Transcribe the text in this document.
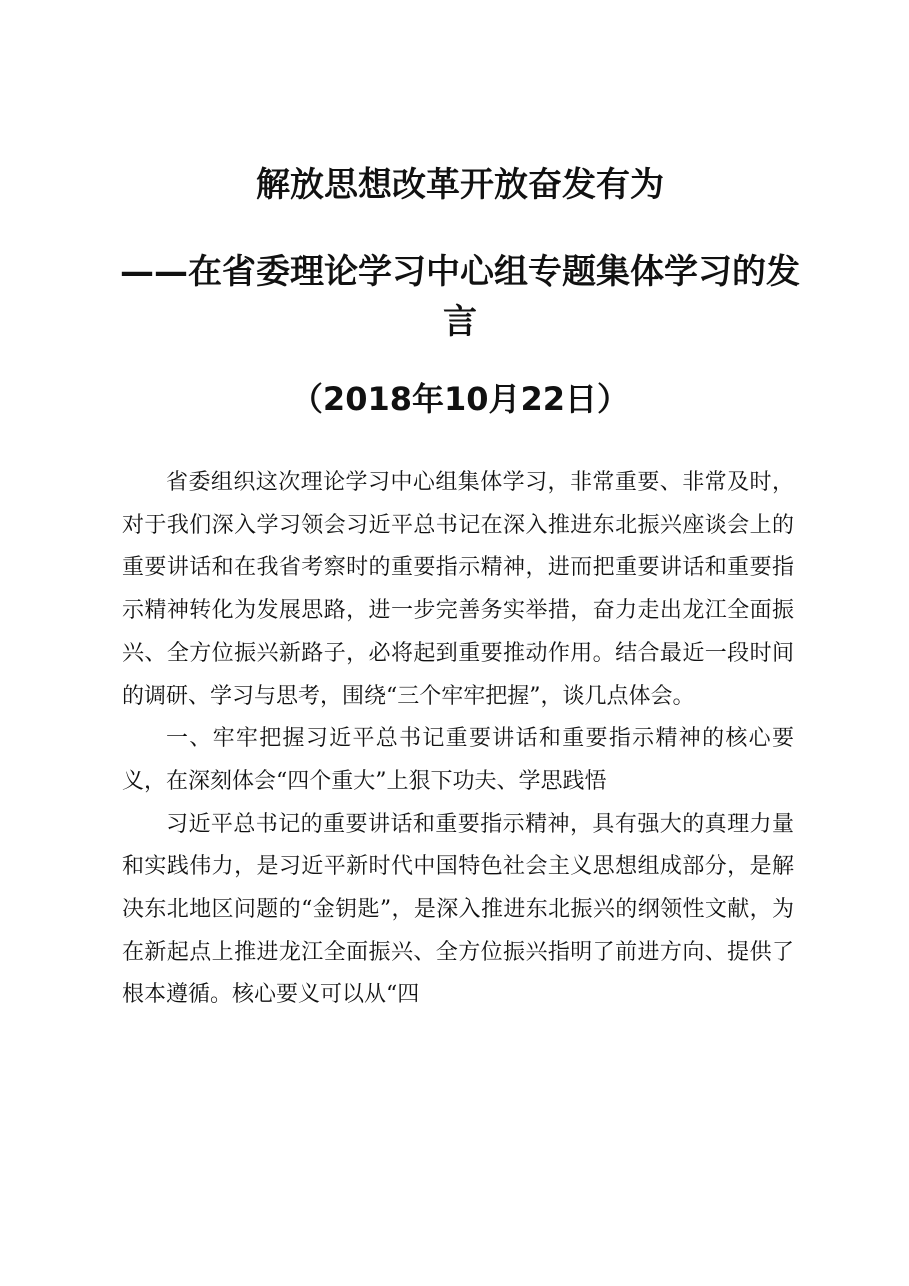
解放思想改革开放奋发有为
——在省委理论学习中心组专题集体学习的发言
（2018年10月22日）

省委组织这次理论学习中心组集体学习，非常重要、非常及时，对于我们深入学习领会习近平总书记在深入推进东北振兴座谈会上的重要讲话和在我省考察时的重要指示精神，进而把重要讲话和重要指示精神转化为发展思路，进一步完善务实举措，奋力走出龙江全面振兴、全方位振兴新路子，必将起到重要推动作用。结合最近一段时间的调研、学习与思考，围绕“三个牢牢把握”，谈几点体会。

一、牢牢把握习近平总书记重要讲话和重要指示精神的核心要义，在深刻体会“四个重大”上狠下功夫、学思践悟

习近平总书记的重要讲话和重要指示精神，具有强大的真理力量和实践伟力，是习近平新时代中国特色社会主义思想组成部分，是解决东北地区问题的“金钥匙”，是深入推进东北振兴的纲领性文献，为在新起点上推进龙江全面振兴、全方位振兴指明了前进方向、提供了根本遵循。核心要义可以从“四
